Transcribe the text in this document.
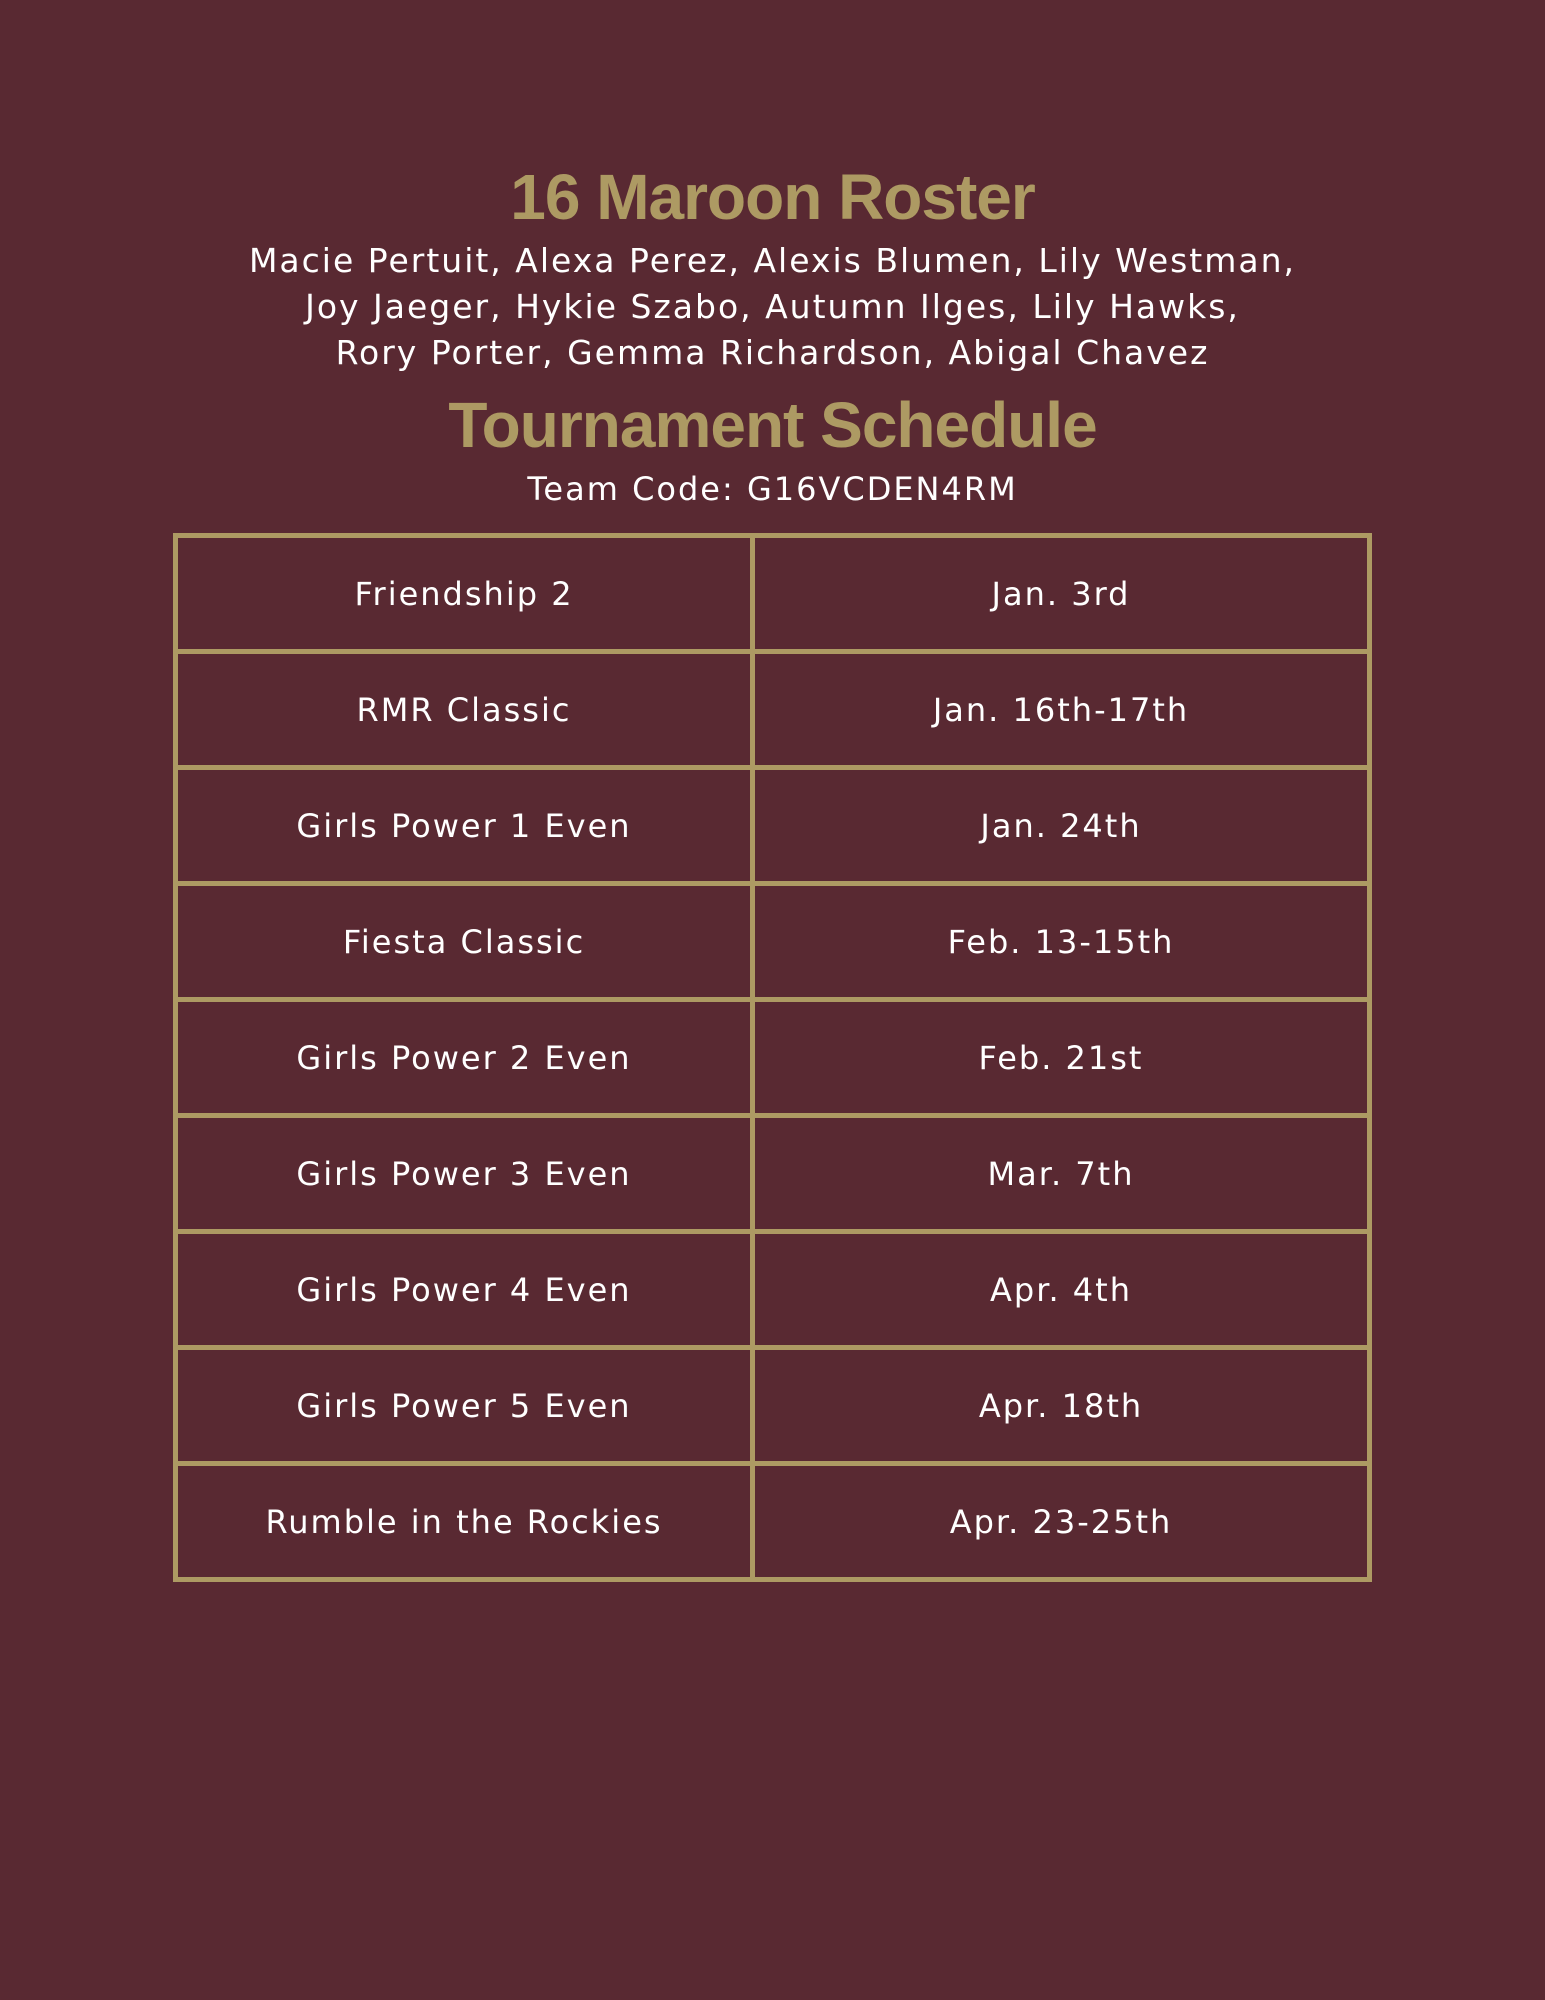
16 Maroon Roster

Macie Pertuit, Alexa Perez, Alexis Blumen, Lily Westman,
Joy Jaeger, Hykie Szabo, Autumn Ilges, Lily Hawks,
Rory Porter, Gemma Richardson, Abigal Chavez

Tournament Schedule

Team Code: G16VCDEN4RM

Friendship 2	Jan. 3rd
RMR Classic	Jan. 16th-17th
Girls Power 1 Even	Jan. 24th
Fiesta Classic	Feb. 13-15th
Girls Power 2 Even	Feb. 21st
Girls Power 3 Even	Mar. 7th
Girls Power 4 Even	Apr. 4th
Girls Power 5 Even	Apr. 18th
Rumble in the Rockies	Apr. 23-25th
